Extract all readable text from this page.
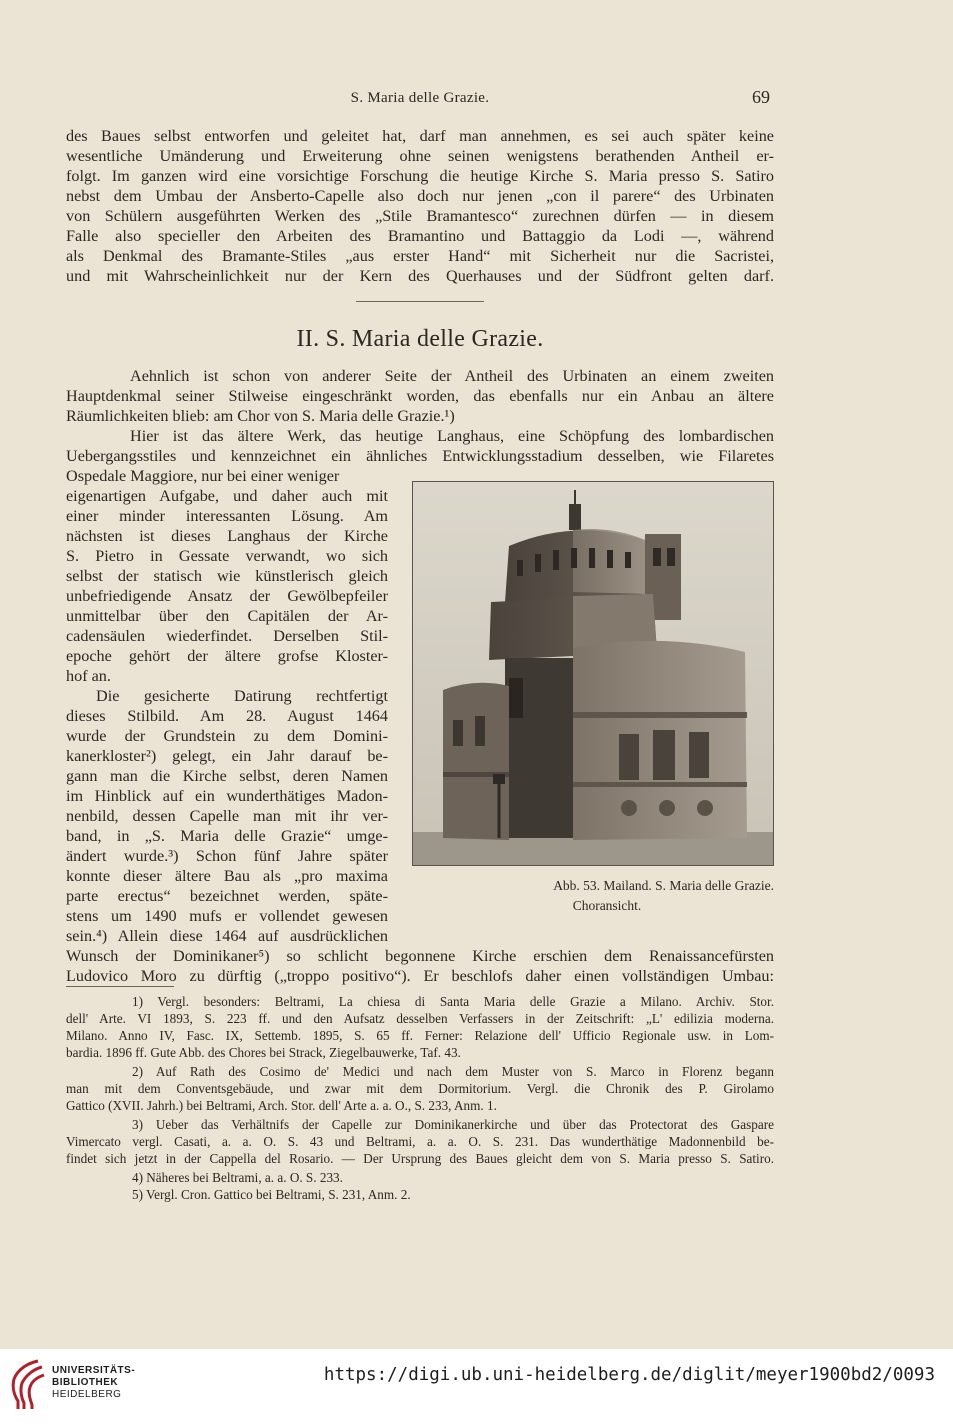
S. Maria delle Grazie.	69
des Baues selbst entworfen und geleitet hat, darf man annehmen, es sei auch später keine
wesentliche Umänderung und Erweiterung ohne seinen wenigstens berathenden Antheil er-
folgt. Im ganzen wird eine vorsichtige Forschung die heutige Kirche S. Maria presso S. Satiro
nebst dem Umbau der Ansberto-Capelle also doch nur jenen „con il parere“ des Urbinaten
von Schülern ausgeführten Werken des „Stile Bramantesco“ zurechnen dürfen — in diesem
Falle also specieller den Arbeiten des Bramantino und Battaggio da Lodi —, während
als Denkmal des Bramante-Stiles „aus erster Hand“ mit Sicherheit nur die Sacristei,
und mit Wahrscheinlichkeit nur der Kern des Querhauses und der Südfront gelten darf.
II. S. Maria delle Grazie.
Aehnlich ist schon von anderer Seite der Antheil des Urbinaten an einem zweiten
Hauptdenkmal seiner Stilweise eingeschränkt worden, das ebenfalls nur ein Anbau an ältere
Räumlichkeiten blieb: am Chor von S. Maria delle Grazie.¹)
Hier ist das ältere Werk, das heutige Langhaus, eine Schöpfung des lombardischen
Uebergangsstiles und kennzeichnet ein ähnliches Entwicklungsstadium desselben, wie Filaretes
Ospedale Maggiore, nur bei einer weniger
eigenartigen Aufgabe, und daher auch mit
einer minder interessanten Lösung. Am
nächsten ist dieses Langhaus der Kirche
S. Pietro in Gessate verwandt, wo sich
selbst der statisch wie künstlerisch gleich
unbefriedigende Ansatz der Gewölbepfeiler
unmittelbar über den Capitälen der Ar-
cadensäulen wiederfindet. Derselben Stil-
epoche gehört der ältere grofse Kloster-
hof an.
Die gesicherte Datirung rechtfertigt
dieses Stilbild. Am 28. August 1464
wurde der Grundstein zu dem Domini-
kanerkloster²) gelegt, ein Jahr darauf be-
gann man die Kirche selbst, deren Namen
im Hinblick auf ein wunderthätiges Madon-
nenbild, dessen Capelle man mit ihr ver-
band, in „S. Maria delle Grazie“ umge-
ändert wurde.³) Schon fünf Jahre später
konnte dieser ältere Bau als „pro maxima
parte erectus“ bezeichnet werden, späte-
stens um 1490 mufs er vollendet gewesen
sein.⁴) Allein diese 1464 auf ausdrücklichen
Wunsch der Dominikaner⁵) so schlicht begonnene Kirche erschien dem Renaissancefürsten
Ludovico Moro zu dürftig („troppo positivo“). Er beschlofs daher einen vollständigen Umbau:
Abb. 53. Mailand. S. Maria delle Grazie.
Choransicht.
1) Vergl. besonders: Beltrami, La chiesa di Santa Maria delle Grazie a Milano. Archiv. Stor.
dell' Arte. VI 1893, S. 223 ff. und den Aufsatz desselben Verfassers in der Zeitschrift: „L' edilizia moderna.
Milano. Anno IV, Fasc. IX, Settemb. 1895, S. 65 ff. Ferner: Relazione dell' Ufficio Regionale usw. in Lom-
bardia. 1896 ff. Gute Abb. des Chores bei Strack, Ziegelbauwerke, Taf. 43.
2) Auf Rath des Cosimo de' Medici und nach dem Muster von S. Marco in Florenz begann
man mit dem Conventsgebäude, und zwar mit dem Dormitorium. Vergl. die Chronik des P. Girolamo
Gattico (XVII. Jahrh.) bei Beltrami, Arch. Stor. dell' Arte a. a. O., S. 233, Anm. 1.
3) Ueber das Verhältnifs der Capelle zur Dominikanerkirche und über das Protectorat des Gaspare
Vimercato vergl. Casati, a. a. O. S. 43 und Beltrami, a. a. O. S. 231. Das wunderthätige Madonnenbild be-
findet sich jetzt in der Cappella del Rosario. — Der Ursprung des Baues gleicht dem von S. Maria presso S. Satiro.
4) Näheres bei Beltrami, a. a. O. S. 233.
5) Vergl. Cron. Gattico bei Beltrami, S. 231, Anm. 2.
UNIVERSITÄTS-
BIBLIOTHEK
HEIDELBERG
https://digi.ub.uni-heidelberg.de/diglit/meyer1900bd2/0093
